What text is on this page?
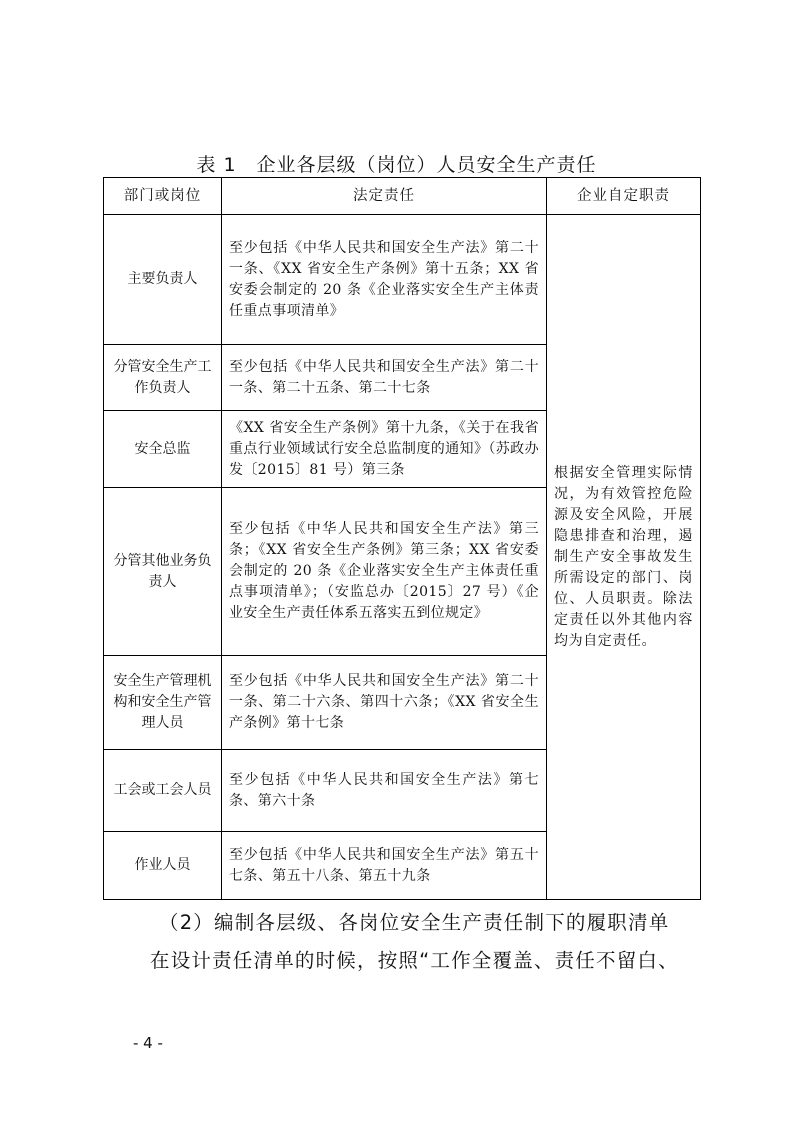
表 1　企业各层级（岗位）人员安全生产责任
部门或岗位	法定责任	企业自定职责
主要负责人	至少包括《中华人民共和国安全生产法》第二十一条、《XX 省安全生产条例》第十五条；XX 省安委会制定的 20 条《企业落实安全生产主体责任重点事项清单》	根据安全管理实际情况，为有效管控危险源及安全风险，开展隐患排查和治理，遏制生产安全事故发生所需设定的部门、岗位、人员职责。除法定责任以外其他内容均为自定责任。
分管安全生产工作负责人	至少包括《中华人民共和国安全生产法》第二十一条、第二十五条、第二十七条	
安全总监	《XX 省安全生产条例》第十九条，《关于在我省重点行业领域试行安全总监制度的通知》（苏政办发〔2015〕81 号）第三条	
分管其他业务负责人	至少包括《中华人民共和国安全生产法》第三条；《XX 省安全生产条例》第三条；XX 省安委会制定的 20 条《企业落实安全生产主体责任重点事项清单》；（安监总办〔2015〕27 号）《企业安全生产责任体系五落实五到位规定》	
安全生产管理机构和安全生产管理人员	至少包括《中华人民共和国安全生产法》第二十一条、第二十六条、第四十六条；《XX 省安全生产条例》第十七条	
工会或工会人员	至少包括《中华人民共和国安全生产法》第七条、第六十条	
作业人员	至少包括《中华人民共和国安全生产法》第五十七条、第五十八条、第五十九条	
（2）编制各层级、各岗位安全生产责任制下的履职清单
在设计责任清单的时候，按照“工作全覆盖、责任不留白、
- 4 -
